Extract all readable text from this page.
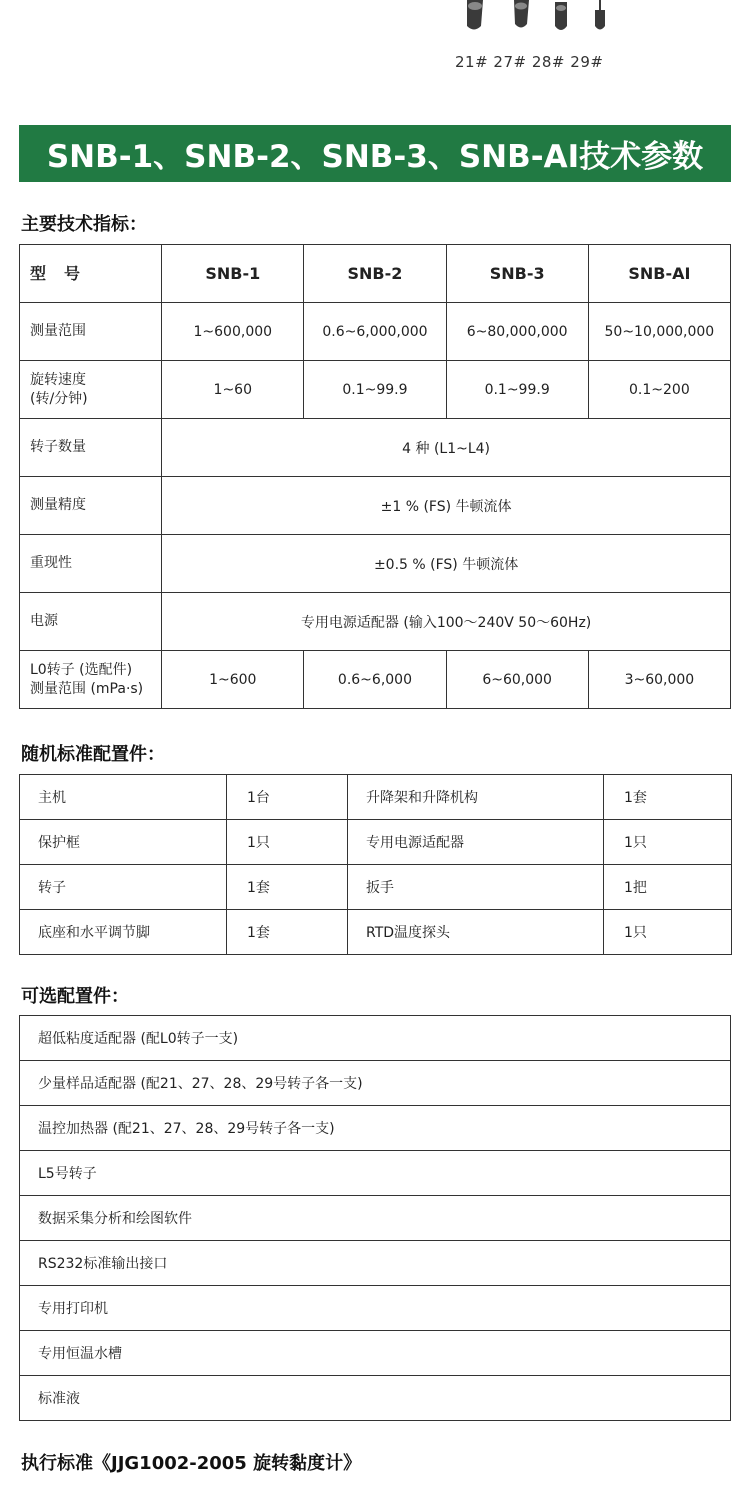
21# 27# 28# 29#
SNB-1、SNB-2、SNB-3、SNB-AI技术参数
主要技术指标：
型　号	SNB-1	SNB-2	SNB-3	SNB-AI
测量范围	1~600,000	0.6~6,000,000	6~80,000,000	50~10,000,000

旋转速度
(转/分钟)	1~60	0.1~99.9	0.1~99.9	0.1~200
转子数量	4 种 (L1~L4)			
测量精度	±1 % (FS) 牛顿流体			
重现性	±0.5 % (FS) 牛顿流体			
电源	专用电源适配器 (输入100～240V 50～60Hz)			

L0转子 (选配件)
测量范围 (mPa·s)	1~600	0.6~6,000	6~60,000	3~60,000
随机标准配置件：
主机	1台	升降架和升降机构	1套
保护框	1只	专用电源适配器	1只
转子	1套	扳手	1把
底座和水平调节脚	1套	RTD温度探头	1只
可选配置件：
超低粘度适配器 (配L0转子一支)
少量样品适配器 (配21、27、28、29号转子各一支)
温控加热器 (配21、27、28、29号转子各一支)
L5号转子
数据采集分析和绘图软件
RS232标准输出接口
专用打印机
专用恒温水槽
标准液
执行标准《JJG1002-2005 旋转黏度计》
